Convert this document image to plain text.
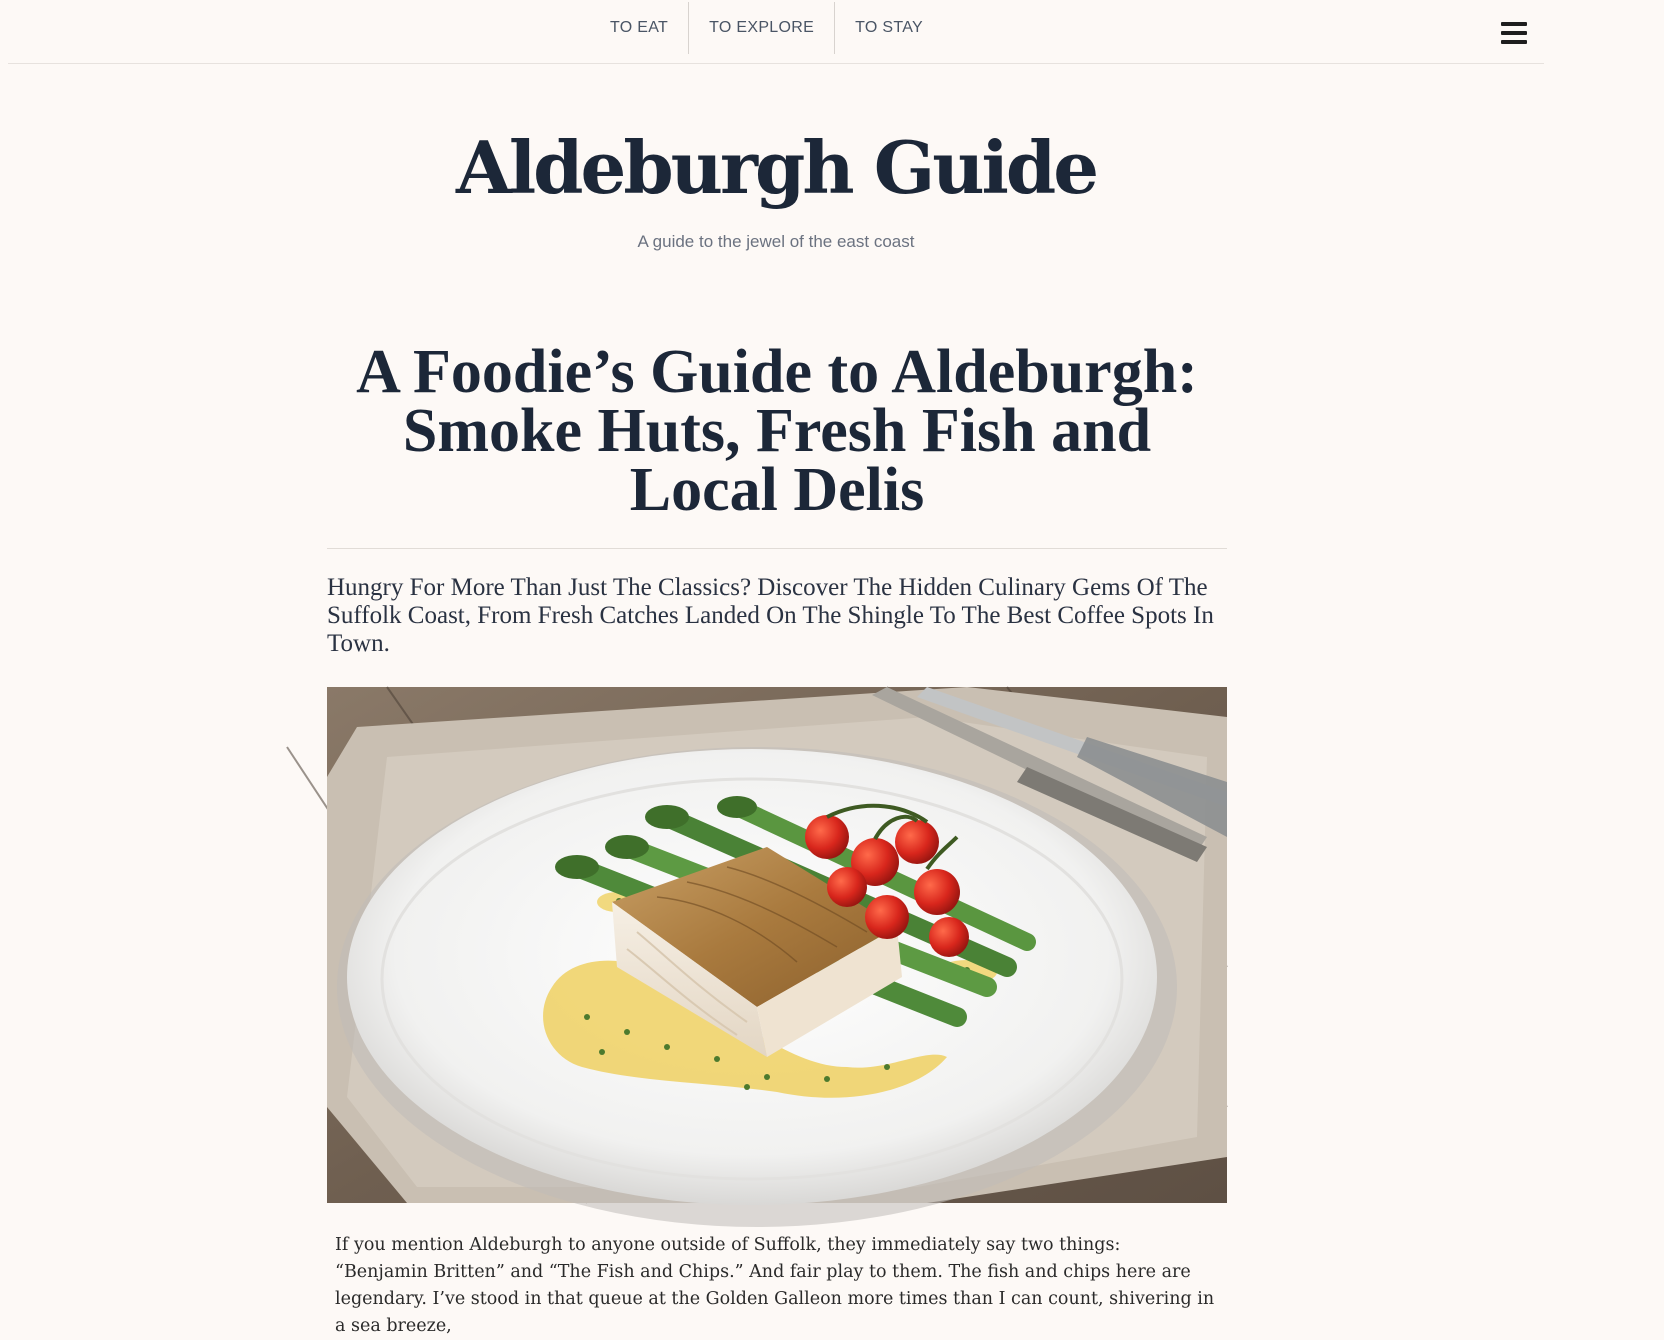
TO EAT	TO EXPLORE	TO STAY
Aldeburgh Guide

A guide to the jewel of the east coast

A Foodie’s Guide to Aldeburgh: Smoke Huts, Fresh Fish and Local Delis

Hungry For More Than Just The Classics? Discover The Hidden Culinary Gems Of The Suffolk Coast, From Fresh Catches Landed On The Shingle To The Best Coffee Spots In Town.

If you mention Aldeburgh to anyone outside of Suffolk, they immediately say two things: “Benjamin Britten” and “The Fish and Chips.” And fair play to them. The fish and chips here are legendary. I’ve stood in that queue at the Golden Galleon more times than I can count, shivering in a sea breeze,
